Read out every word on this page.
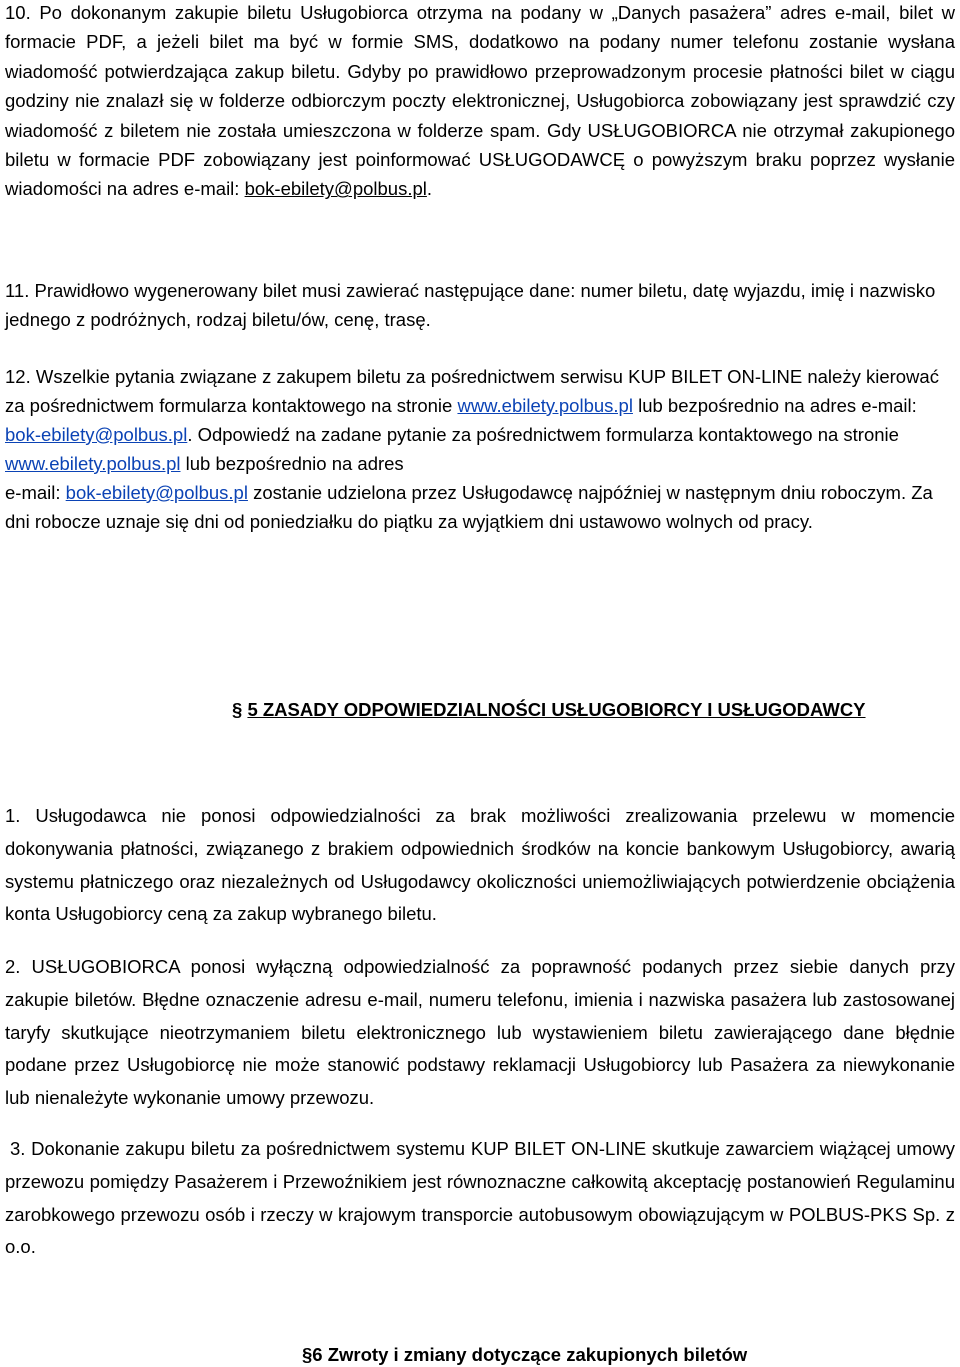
10. Po dokonanym zakupie biletu Usługobiorca otrzyma na podany w „Danych pasażera” adres e-mail, bilet w formacie PDF, a jeżeli bilet ma być w formie SMS, dodatkowo na podany numer telefonu zostanie wysłana wiadomość potwierdzająca zakup biletu. Gdyby po prawidłowo przeprowadzonym procesie płatności bilet w ciągu godziny nie znalazł się w folderze odbiorczym poczty elektronicznej, Usługobiorca zobowiązany jest sprawdzić czy wiadomość z biletem nie została umieszczona w folderze spam. Gdy USŁUGOBIORCA nie otrzymał zakupionego biletu w formacie PDF zobowiązany jest poinformować USŁUGODAWCĘ o powyższym braku poprzez wysłanie wiadomości na adres e-mail: bok-ebilety@polbus.pl.

11. Prawidłowo wygenerowany bilet musi zawierać następujące dane: numer biletu, datę wyjazdu, imię i nazwisko jednego z podróżnych, rodzaj biletu/ów, cenę, trasę.

12. Wszelkie pytania związane z zakupem biletu za pośrednictwem serwisu KUP BILET ON-LINE należy kierować za pośrednictwem formularza kontaktowego na stronie www.ebilety.polbus.pl lub bezpośrednio na adres e-mail:
bok-ebilety@polbus.pl. Odpowiedź na zadane pytanie za pośrednictwem formularza kontaktowego na stronie www.ebilety.polbus.pl lub bezpośrednio na adres
e-mail: bok-ebilety@polbus.pl zostanie udzielona przez Usługodawcę najpóźniej w następnym dniu roboczym. Za dni robocze uznaje się dni od poniedziałku do piątku za wyjątkiem dni ustawowo wolnych od pracy.

§ 5 ZASADY ODPOWIEDZIALNOŚCI USŁUGOBIORCY I USŁUGODAWCY

1. Usługodawca nie ponosi odpowiedzialności za brak możliwości zrealizowania przelewu w momencie dokonywania płatności, związanego z brakiem odpowiednich środków na koncie bankowym Usługobiorcy, awarią systemu płatniczego oraz niezależnych od Usługodawcy okoliczności uniemożliwiających potwierdzenie obciążenia konta Usługobiorcy ceną za zakup wybranego biletu.

2. USŁUGOBIORCA ponosi wyłączną odpowiedzialność za poprawność podanych przez siebie danych przy zakupie biletów. Błędne oznaczenie adresu e-mail, numeru telefonu, imienia i nazwiska pasażera lub zastosowanej taryfy skutkujące nieotrzymaniem biletu elektronicznego lub wystawieniem biletu zawierającego dane błędnie podane przez Usługobiorcę nie może stanowić podstawy reklamacji Usługobiorcy lub Pasażera za niewykonanie lub nienależyte wykonanie umowy przewozu.

3. Dokonanie zakupu biletu za pośrednictwem systemu KUP BILET ON-LINE skutkuje zawarciem wiążącej umowy przewozu pomiędzy Pasażerem i Przewoźnikiem jest równoznaczne całkowitą akceptację postanowień Regulaminu zarobkowego przewozu osób i rzeczy w krajowym transporcie autobusowym obowiązującym w POLBUS-PKS Sp. z o.o.

§6 Zwroty i zmiany dotyczące zakupionych biletów
